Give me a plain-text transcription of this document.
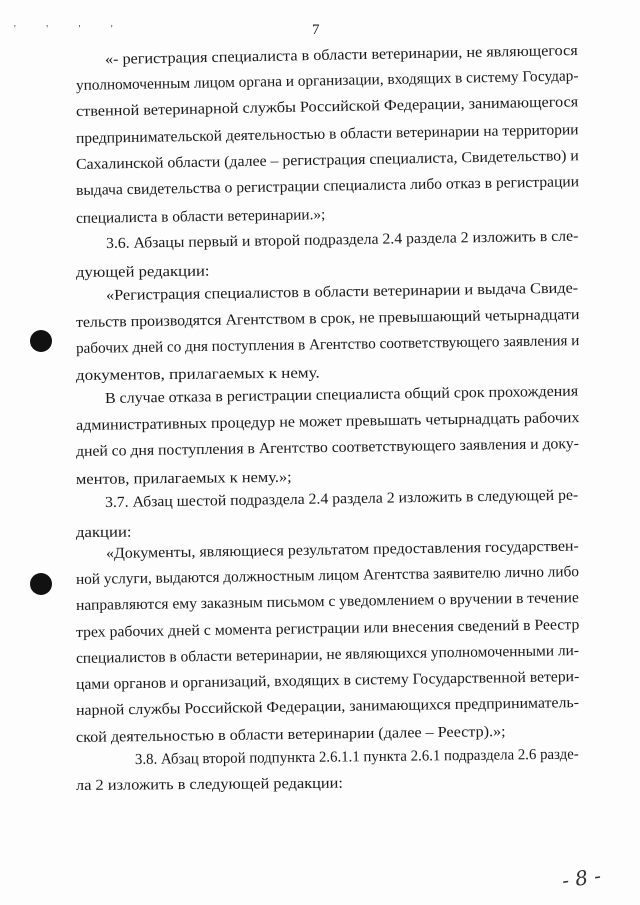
' ' ' '	7
«- регистрация специалиста в области ветеринарии, не являющегося
уполномоченным лицом органа и организации, входящих в систему Государ-
ственной ветеринарной службы Российской Федерации, занимающегося
предпринимательской деятельностью в области ветеринарии на территории
Сахалинской области (далее – регистрация специалиста, Свидетельство) и
выдача свидетельства о регистрации специалиста либо отказ в регистрации
специалиста в области ветеринарии.»;
3.6. Абзацы первый и второй подраздела 2.4 раздела 2 изложить в сле-
дующей редакции:
«Регистрация специалистов в области ветеринарии и выдача Свиде-
тельств производятся Агентством в срок, не превышающий четырнадцати
рабочих дней со дня поступления в Агентство соответствующего заявления и
документов, прилагаемых к нему.
В случае отказа в регистрации специалиста общий срок прохождения
административных процедур не может превышать четырнадцать рабочих
дней со дня поступления в Агентство соответствующего заявления и доку-
ментов, прилагаемых к нему.»;
3.7. Абзац шестой подраздела 2.4 раздела 2 изложить в следующей ре-
дакции:
«Документы, являющиеся результатом предоставления государствен-
ной услуги, выдаются должностным лицом Агентства заявителю лично либо
направляются ему заказным письмом с уведомлением о вручении в течение
трех рабочих дней с момента регистрации или внесения сведений в Реестр
специалистов в области ветеринарии, не являющихся уполномоченными ли-
цами органов и организаций, входящих в систему Государственной ветери-
нарной службы Российской Федерации, занимающихся предприниматель-
ской деятельностью в области ветеринарии (далее – Реестр).»;
3.8. Абзац второй подпункта 2.6.1.1 пункта 2.6.1 подраздела 2.6 разде-
ла 2 изложить в следующей редакции:
- 8 -
